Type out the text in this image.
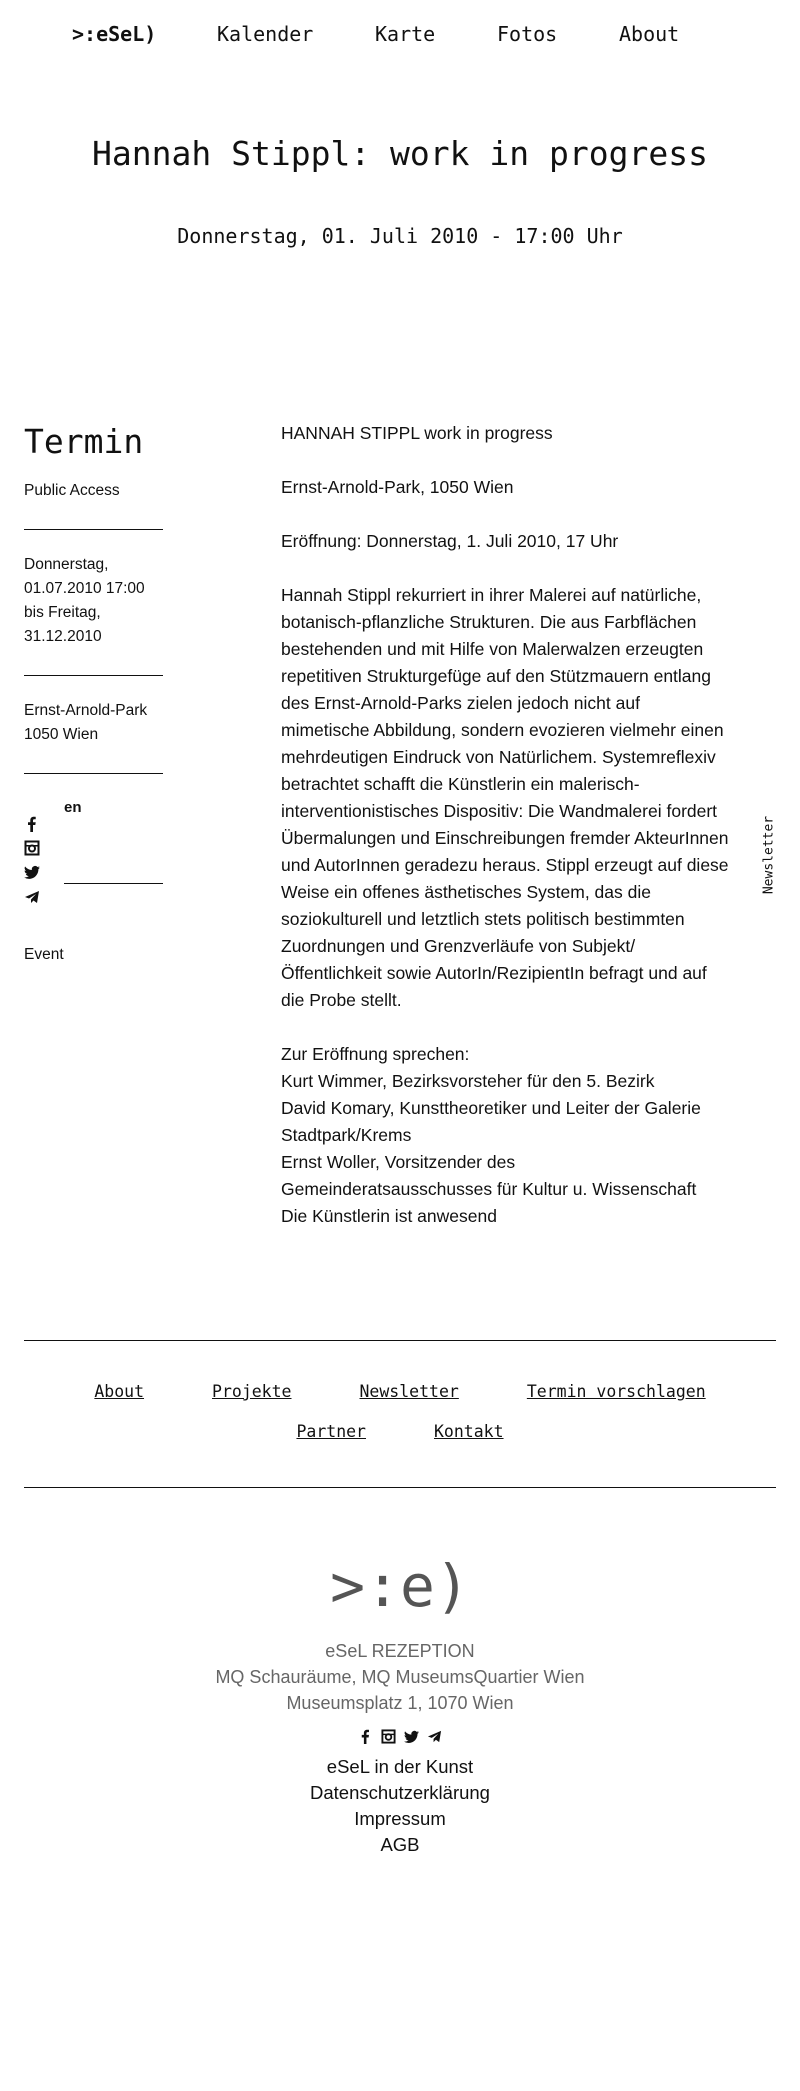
>:eSeL)	Kalender	Karte	Fotos	About
Hannah Stippl: work in progress
Donnerstag, 01. Juli 2010 - 17:00 Uhr
Termin
Public Access
Donnerstag,
01.07.2010 17:00
bis Freitag,
31.12.2010
Ernst-Arnold-Park
1050 Wien
en
Event

HANNAH STIPPL work in progress

Ernst-Arnold-Park, 1050 Wien

Eröffnung: Donnerstag, 1. Juli 2010, 17 Uhr

Hannah Stippl rekurriert in ihrer Malerei auf natürliche, botanisch-pflanzliche Strukturen. Die aus Farbflächen bestehenden und mit Hilfe von Malerwalzen erzeugten repetitiven Strukturgefüge auf den Stützmauern entlang des Ernst-Arnold-Parks zielen jedoch nicht auf mimetische Abbildung, sondern evozieren vielmehr einen mehrdeutigen Eindruck von Natürlichem. Systemreflexiv betrachtet schafft die Künstlerin ein malerisch-interventionistisches Dispositiv: Die Wandmalerei fordert Übermalungen und Einschreibungen fremder AkteurInnen und AutorInnen geradezu heraus. Stippl erzeugt auf diese Weise ein offenes ästhetisches System, das die soziokulturell und letztlich stets politisch bestimmten Zuordnungen und Grenzverläufe von Subjekt/Öffentlichkeit sowie AutorIn/RezipientIn befragt und auf die Probe stellt.

Zur Eröffnung sprechen:
Kurt Wimmer, Bezirksvorsteher für den 5. Bezirk
David Komary, Kunsttheoretiker und Leiter der Galerie Stadtpark/Krems
Ernst Woller, Vorsitzender des Gemeinderatsausschusses für Kultur u. Wissenschaft
Die Künstlerin ist anwesend

Newsletter
About	Projekte	Newsletter	Termin vorschlagen
Partner	Kontakt
>:e)
eSeL REZEPTION
MQ Schauräume, MQ MuseumsQuartier Wien
Museumsplatz 1, 1070 Wien
eSeL in der Kunst
Datenschutzerklärung
Impressum
AGB
